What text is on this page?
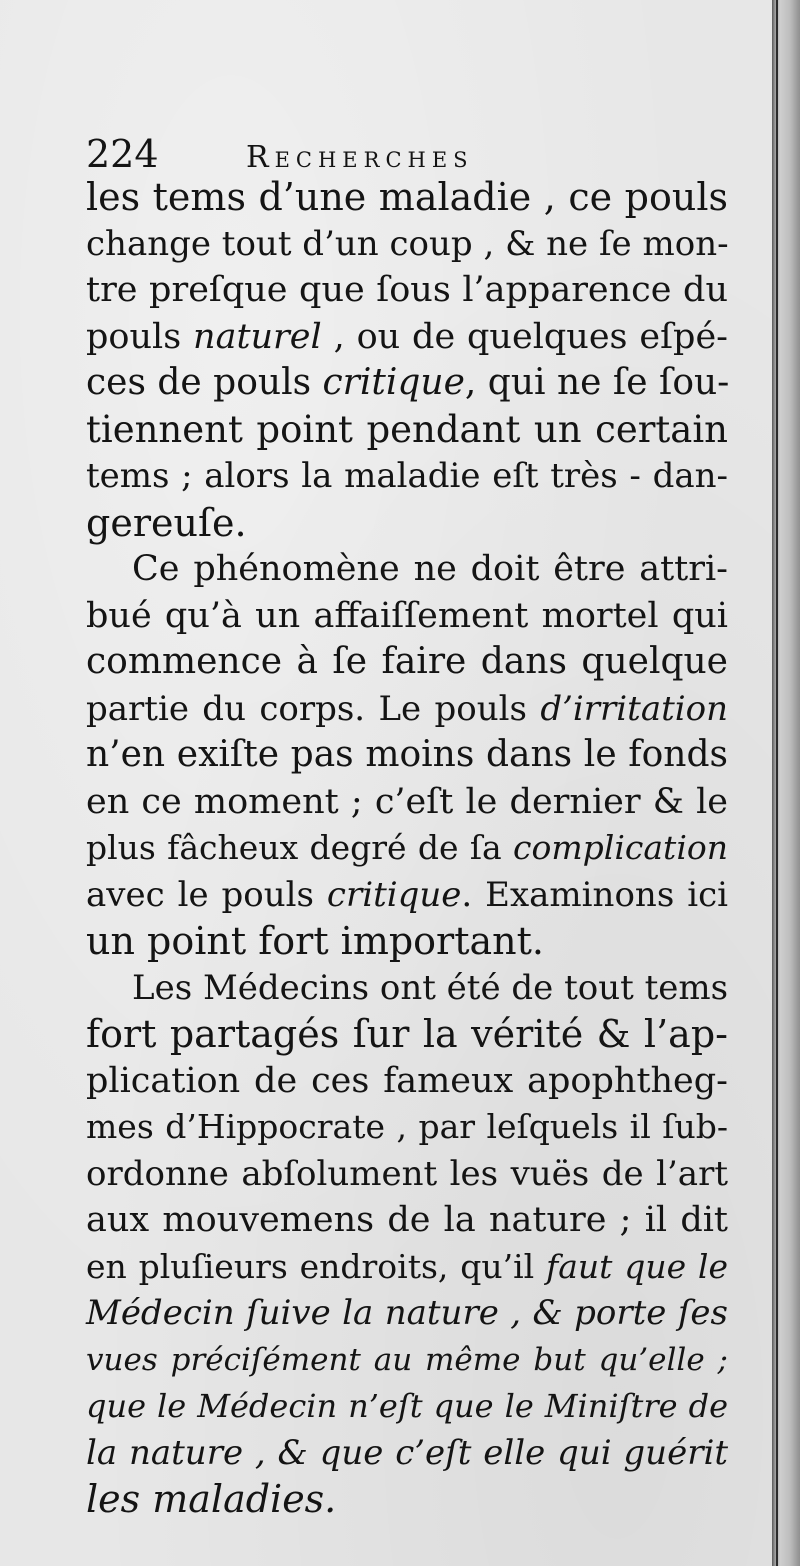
224	Recherches
les tems d’une maladie , ce pouls
change tout d’un coup , & ne ſe mon-
tre preſque que ſous l’apparence du
pouls naturel , ou de quelques eſpé-
ces de pouls critique, qui ne ſe ſou-
tiennent point pendant un certain
tems ; alors la maladie eſt très - dan-
gereuſe.
Ce phénomène ne doit être attri-
bué qu’à un affaiſſement mortel qui
commence à ſe faire dans quelque
partie du corps. Le pouls d’irritation
n’en exiſte pas moins dans le fonds
en ce moment ; c’eſt le dernier & le
plus fâcheux degré de ſa complication
avec le pouls critique. Examinons ici
un point fort important.
Les Médecins ont été de tout tems
fort partagés ſur la vérité & l’ap-
plication de ces fameux apophtheg-
mes d’Hippocrate , par leſquels il ſub-
ordonne abſolument les vuës de l’art
aux mouvemens de la nature ; il dit
en pluſieurs endroits, qu’il faut que le
Médecin ſuive la nature , & porte ſes
vues préciſément au même but qu’elle ;
que le Médecin n’eſt que le Miniſtre de
la nature , & que c’eſt elle qui guérit
les maladies.
